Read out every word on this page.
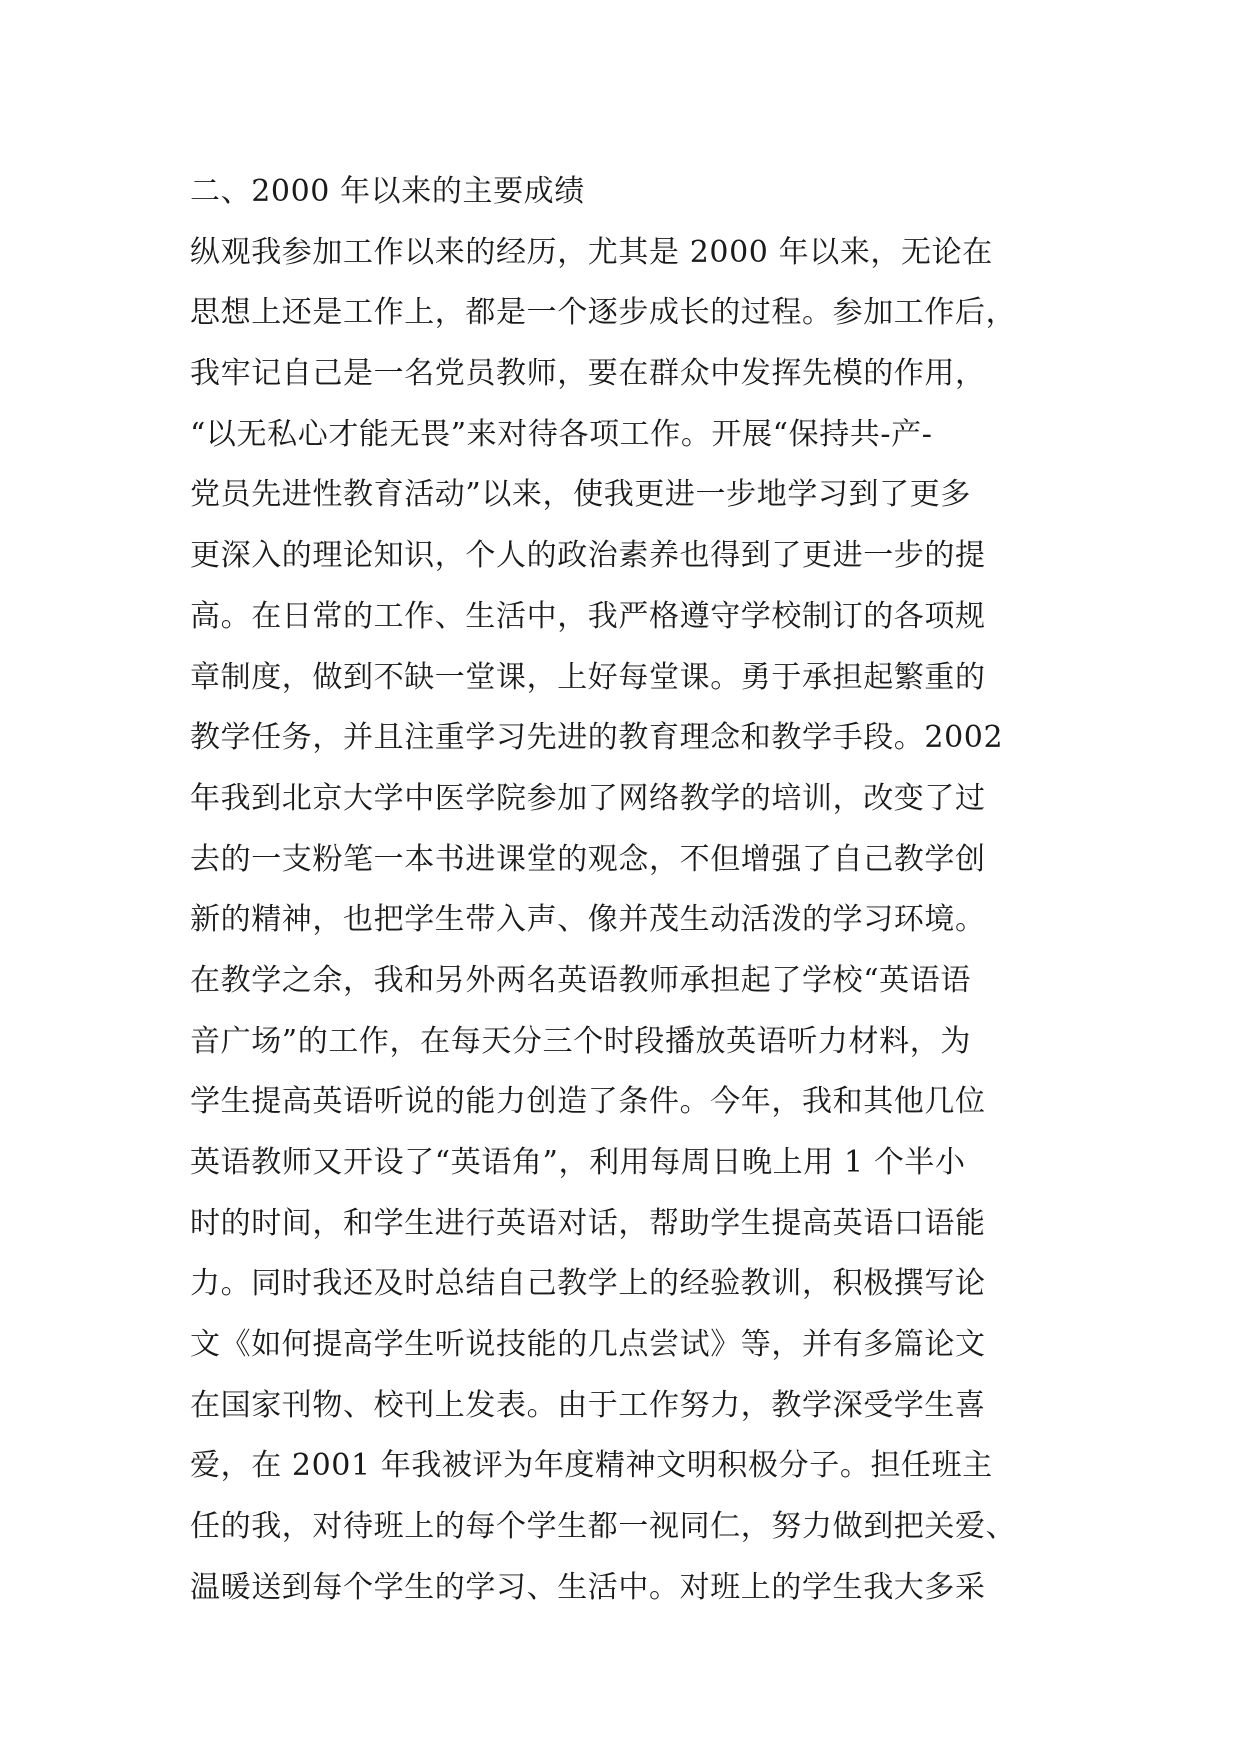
二、2000 年以来的主要成绩
纵观我参加工作以来的经历，尤其是 2000 年以来，无论在
思想上还是工作上，都是一个逐步成长的过程。参加工作后，
我牢记自己是一名党员教师，要在群众中发挥先模的作用，
“以无私心才能无畏”来对待各项工作。开展“保持共-产-
党员先进性教育活动”以来，使我更进一步地学习到了更多
更深入的理论知识，个人的政治素养也得到了更进一步的提
高。在日常的工作、生活中，我严格遵守学校制订的各项规
章制度，做到不缺一堂课，上好每堂课。勇于承担起繁重的
教学任务，并且注重学习先进的教育理念和教学手段。2002
年我到北京大学中医学院参加了网络教学的培训，改变了过
去的一支粉笔一本书进课堂的观念，不但增强了自己教学创
新的精神，也把学生带入声、像并茂生动活泼的学习环境。
在教学之余，我和另外两名英语教师承担起了学校“英语语
音广场”的工作，在每天分三个时段播放英语听力材料，为
学生提高英语听说的能力创造了条件。今年，我和其他几位
英语教师又开设了“英语角”，利用每周日晚上用 1 个半小
时的时间，和学生进行英语对话，帮助学生提高英语口语能
力。同时我还及时总结自己教学上的经验教训，积极撰写论
文《如何提高学生听说技能的几点尝试》等，并有多篇论文
在国家刊物、校刊上发表。由于工作努力，教学深受学生喜
爱，在 2001 年我被评为年度精神文明积极分子。担任班主
任的我，对待班上的每个学生都一视同仁，努力做到把关爱、
温暖送到每个学生的学习、生活中。对班上的学生我大多采
